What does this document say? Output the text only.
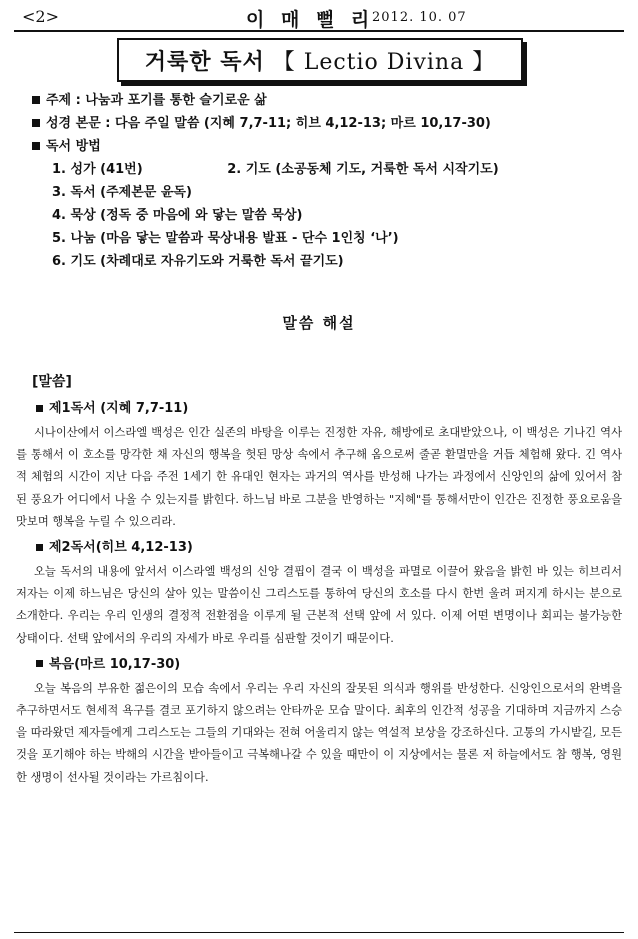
<2>	이 매 뻘 리
2012. 10. 07
거룩한 독서 【 Lectio Divina 】
주제 : 나눔과 포기를 통한 슬기로운 삶
성경 본문 : 다음 주일 말씀 (지혜 7,7-11; 히브 4,12-13; 마르 10,17-30)
독서 방법
1. 성가 (41번)	2. 기도 (소공동체 기도, 거룩한 독서 시작기도)
3. 독서 (주제본문 윤독)
4. 묵상 (정독 중 마음에 와 닿는 말씀 묵상)
5. 나눔 (마음 닿는 말씀과 묵상내용 발표 - 단수 1인칭 ‘나’)
6. 기도 (차례대로 자유기도와 거룩한 독서 끝기도)
말씀 해설
[말씀]
제1독서 (지혜 7,7-11)

시나이산에서 이스라엘 백성은 인간 실존의 바탕을 이루는 진정한 자유, 해방에로 초대받았으나, 이 백성은 기나긴 역사를 통해서 이 호소를 망각한 채 자신의 행복을 헛된 망상 속에서 추구해 옴으로써 줄곧 환멸만을 거듭 체험해 왔다. 긴 역사적 체험의 시간이 지난 다음 주전 1세기 한 유대인 현자는 과거의 역사를 반성해 나가는 과정에서 신앙인의 삶에 있어서 참된 풍요가 어디에서 나올 수 있는지를 밝힌다. 하느님 바로 그분을 반영하는 "지혜"를 통해서만이 인간은 진정한 풍요로움을 맛보며 행복을 누릴 수 있으리라.

제2독서(히브 4,12-13)

오늘 독서의 내용에 앞서서 이스라엘 백성의 신앙 결핍이 결국 이 백성을 파멸로 이끌어 왔음을 밝힌 바 있는 히브리서 저자는 이제 하느님은 당신의 살아 있는 말씀이신 그리스도를 통하여 당신의 호소를 다시 한번 울려 퍼지게 하시는 분으로 소개한다. 우리는 우리 인생의 결정적 전환점을 이루게 될 근본적 선택 앞에 서 있다. 이제 어떤 변명이나 회피는 불가능한 상태이다. 선택 앞에서의 우리의 자세가 바로 우리를 심판할 것이기 때문이다.

복음(마르 10,17-30)

오늘 복음의 부유한 젊은이의 모습 속에서 우리는 우리 자신의 잘못된 의식과 행위를 반성한다. 신앙인으로서의 완벽을 추구하면서도 현세적 욕구를 결코 포기하지 않으려는 안타까운 모습 말이다. 최후의 인간적 성공을 기대하며 지금까지 스승을 따라왔던 제자들에게 그리스도는 그들의 기대와는 전혀 어울리지 않는 역설적 보상을 강조하신다. 고통의 가시밭길, 모든 것을 포기해야 하는 박해의 시간을 받아들이고 극복해나갈 수 있을 때만이 이 지상에서는 물론 저 하늘에서도 참 행복, 영원한 생명이 선사될 것이라는 가르침이다.
